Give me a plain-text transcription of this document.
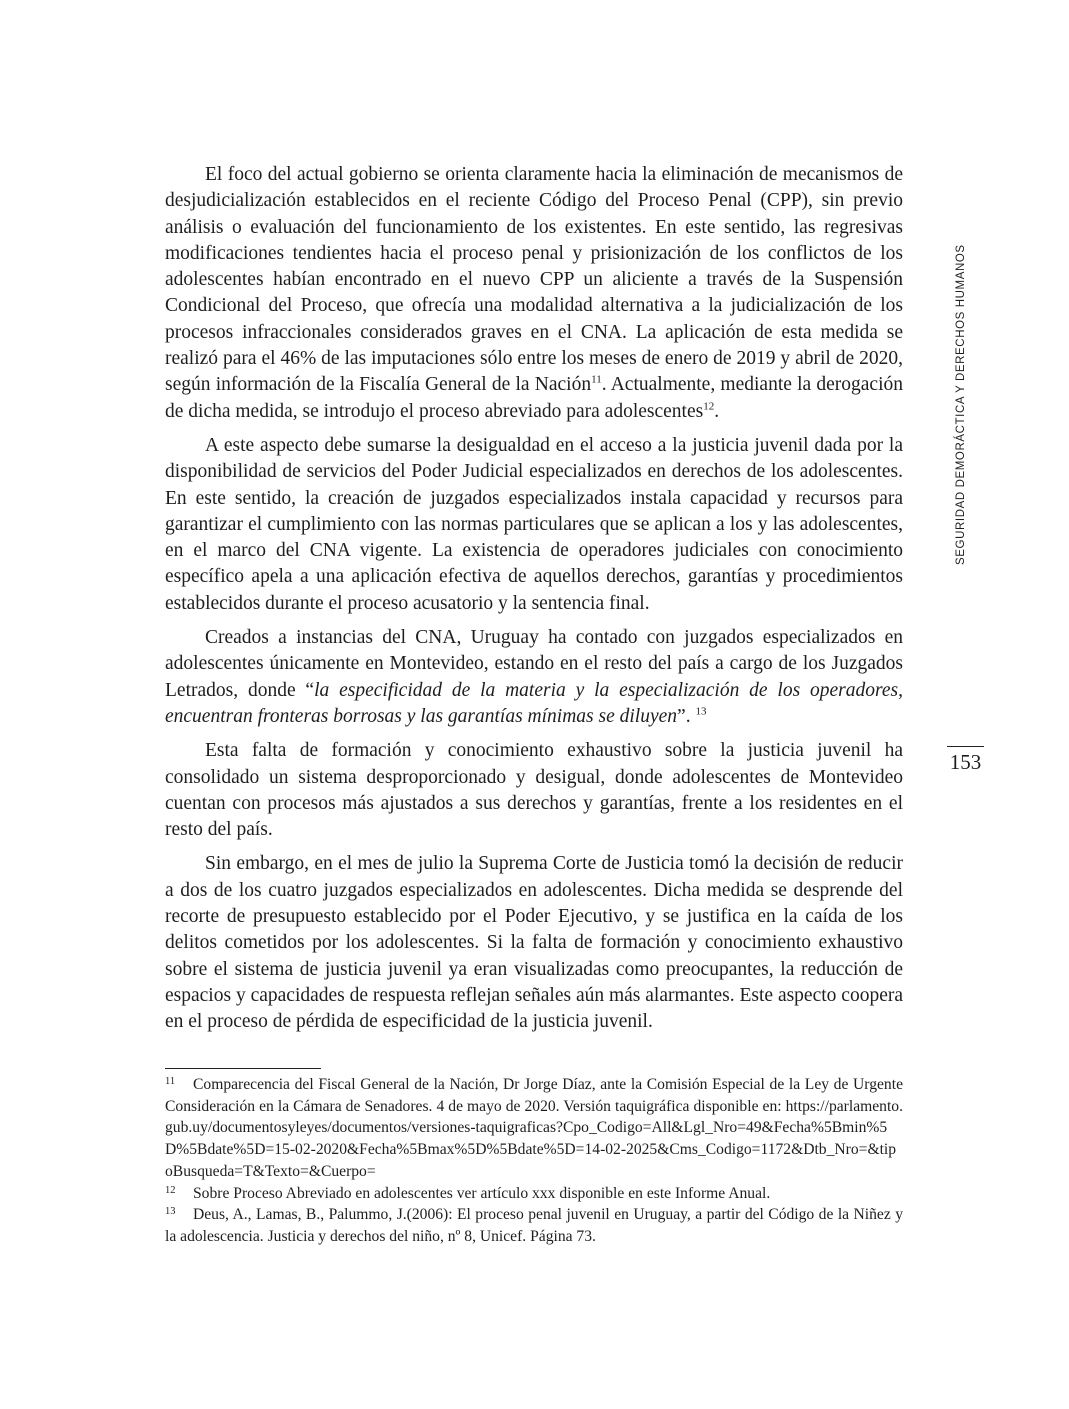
El foco del actual gobierno se orienta claramente hacia la eliminación de mecanismos de desjudicialización establecidos en el reciente Código del Proceso Penal (CPP), sin previo análisis o evaluación del funcionamiento de los existentes. En este sentido, las regresivas modificaciones tendientes hacia el proceso penal y prisionización de los conflictos de los adolescentes habían encontrado en el nuevo CPP un aliciente a través de la Suspensión Condicional del Proceso, que ofrecía una modalidad alternativa a la judicialización de los procesos infraccionales considerados graves en el CNA. La aplicación de esta medida se realizó para el 46% de las imputaciones sólo entre los meses de enero de 2019 y abril de 2020, según información de la Fiscalía General de la Nación$^{11}$. Actualmente, mediante la derogación de dicha medida, se introdujo el proceso abreviado para adolescentes$^{12}$.

A este aspecto debe sumarse la desigualdad en el acceso a la justicia juvenil dada por la disponibilidad de servicios del Poder Judicial especializados en derechos de los adolescentes. En este sentido, la creación de juzgados especializados instala capacidad y recursos para garantizar el cumplimiento con las normas particulares que se aplican a los y las adolescentes, en el marco del CNA vigente. La existencia de operadores judiciales con conocimiento específico apela a una aplicación efectiva de aquellos derechos, garantías y procedimientos establecidos durante el proceso acusatorio y la sentencia final.

Creados a instancias del CNA, Uruguay ha contado con juzgados especializados en adolescentes únicamente en Montevideo, estando en el resto del país a cargo de los Juzgados Letrados, donde “la especificidad de la materia y la especialización de los operadores, encuentran fronteras borrosas y las garantías mínimas se diluyen”. $^{13}$

Esta falta de formación y conocimiento exhaustivo sobre la justicia juvenil ha consolidado un sistema desproporcionado y desigual, donde adolescentes de Montevideo cuentan con procesos más ajustados a sus derechos y garantías, frente a los residentes en el resto del país.

Sin embargo, en el mes de julio la Suprema Corte de Justicia tomó la decisión de reducir a dos de los cuatro juzgados especializados en adolescentes. Dicha medida se desprende del recorte de presupuesto establecido por el Poder Ejecutivo, y se justifica en la caída de los delitos cometidos por los adolescentes. Si la falta de formación y conocimiento exhaustivo sobre el sistema de justicia juvenil ya eran visualizadas como preocupantes, la reducción de espacios y capacidades de respuesta reflejan señales aún más alarmantes. Este aspecto coopera en el proceso de pérdida de especificidad de la justicia juvenil.

11 Comparecencia del Fiscal General de la Nación, Dr Jorge Díaz, ante la Comisión Especial de la Ley de Urgente Consideración en la Cámara de Senadores. 4 de mayo de 2020. Versión taquigráfica disponible en: https://parlamento.gub.uy/documentosyleyes/documentos/versiones-taquigraficas?Cpo_Codigo=All&Lgl_Nro=49&Fecha%5Bmin%5D%5Bdate%5D=15-02-2020&Fecha%5Bmax%5D%5Bdate%5D=14-02-2025&Cms_Codigo=1172&Dtb_Nro=&tipoBusqueda=T&Texto=&Cuerpo=

12 Sobre Proceso Abreviado en adolescentes ver artículo xxx disponible en este Informe Anual.

13 Deus, A., Lamas, B., Palummo, J.(2006): El proceso penal juvenil en Uruguay, a partir del Código de la Niñez y la adolescencia. Justicia y derechos del niño, nº 8, Unicef. Página 73.

SEGURIDAD DEMORÁCTICA Y DERECHOS HUMANOS
153
